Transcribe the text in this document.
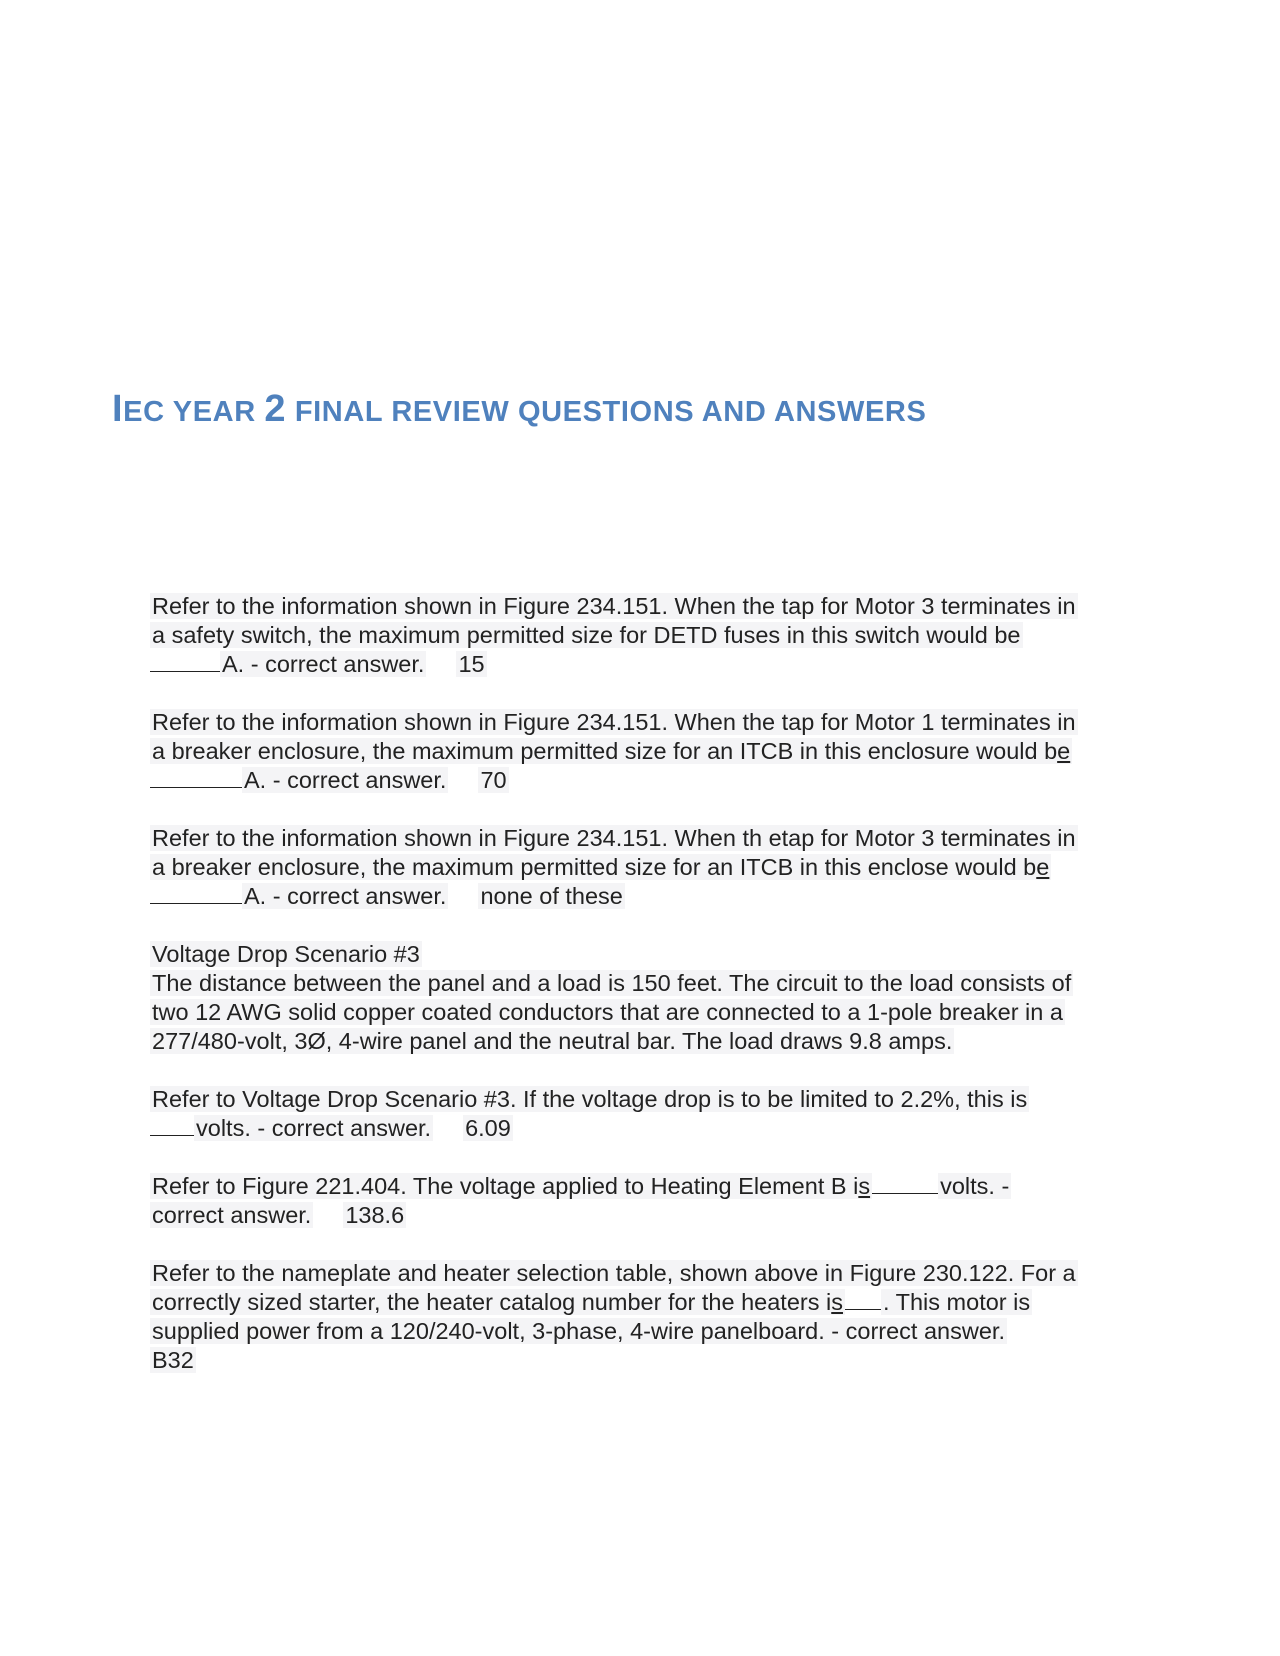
IEC YEAR 2 FINAL REVIEW QUESTIONS AND ANSWERS
Refer to the information shown in Figure 234.151. When the tap for Motor 3 terminates in
a safety switch, the maximum permitted size for DETD fuses in this switch would be
A. - correct answer. 15
Refer to the information shown in Figure 234.151. When the tap for Motor 1 terminates in
a breaker enclosure, the maximum permitted size for an ITCB in this enclosure would be
A. - correct answer. 70
Refer to the information shown in Figure 234.151. When th etap for Motor 3 terminates in
a breaker enclosure, the maximum permitted size for an ITCB in this enclose would be
A. - correct answer. none of these
Voltage Drop Scenario #3
The distance between the panel and a load is 150 feet. The circuit to the load consists of
two 12 AWG solid copper coated conductors that are connected to a 1-pole breaker in a
277/480-volt, 3Ø, 4-wire panel and the neutral bar. The load draws 9.8 amps.
Refer to Voltage Drop Scenario #3. If the voltage drop is to be limited to 2.2%, this is
volts. - correct answer. 6.09
Refer to Figure 221.404. The voltage applied to Heating Element B is	volts. -
correct answer. 138.6
Refer to the nameplate and heater selection table, shown above in Figure 230.122. For a
correctly sized starter, the heater catalog number for the heaters is . This motor is
supplied power from a 120/240-volt, 3-phase, 4-wire panelboard. - correct answer.
B32
